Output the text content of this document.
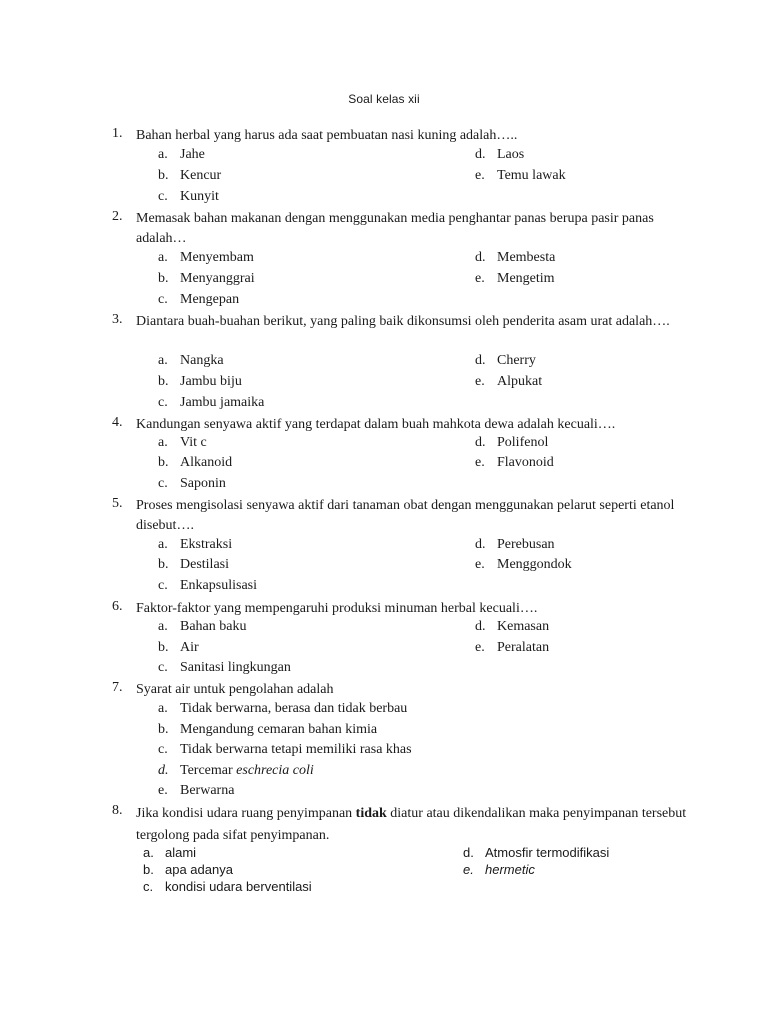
Soal kelas xii
1. Bahan herbal yang harus ada saat pembuatan nasi kuning adalah…..
a. Jahe
b. Kencur
c. Kunyit
d. Laos
e. Temu lawak
2. Memasak bahan makanan dengan menggunakan media penghantar panas berupa pasir panas adalah…
a. Menyembam
b. Menyanggrai
c. Mengepan
d. Membesta
e. Mengetim
3. Diantara buah-buahan berikut, yang paling baik dikonsumsi oleh penderita asam urat adalah….
a. Nangka
b. Jambu biju
c. Jambu jamaika
d. Cherry
e. Alpukat
4. Kandungan senyawa aktif yang terdapat dalam buah mahkota dewa adalah kecuali….
a. Vit c
b. Alkanoid
c. Saponin
d. Polifenol
e. Flavonoid
5. Proses mengisolasi senyawa aktif dari tanaman obat dengan menggunakan pelarut seperti etanol disebut….
a. Ekstraksi
b. Destilasi
c. Enkapsulisasi
d. Perebusan
e. Menggondok
6. Faktor-faktor yang mempengaruhi produksi minuman herbal kecuali….
a. Bahan baku
b. Air
c. Sanitasi lingkungan
d. Kemasan
e. Peralatan
7. Syarat air untuk pengolahan adalah
a. Tidak berwarna, berasa dan tidak berbau
b. Mengandung cemaran bahan kimia
c. Tidak berwarna tetapi memiliki rasa khas
d. Tercemar eschrecia coli
e. Berwarna
8. Jika kondisi udara ruang penyimpanan tidak diatur atau dikendalikan maka penyimpanan tersebut tergolong pada sifat penyimpanan.
a. alami
b. apa adanya
c. kondisi udara berventilasi
d. Atmosfir termodifikasi
e. hermetic
